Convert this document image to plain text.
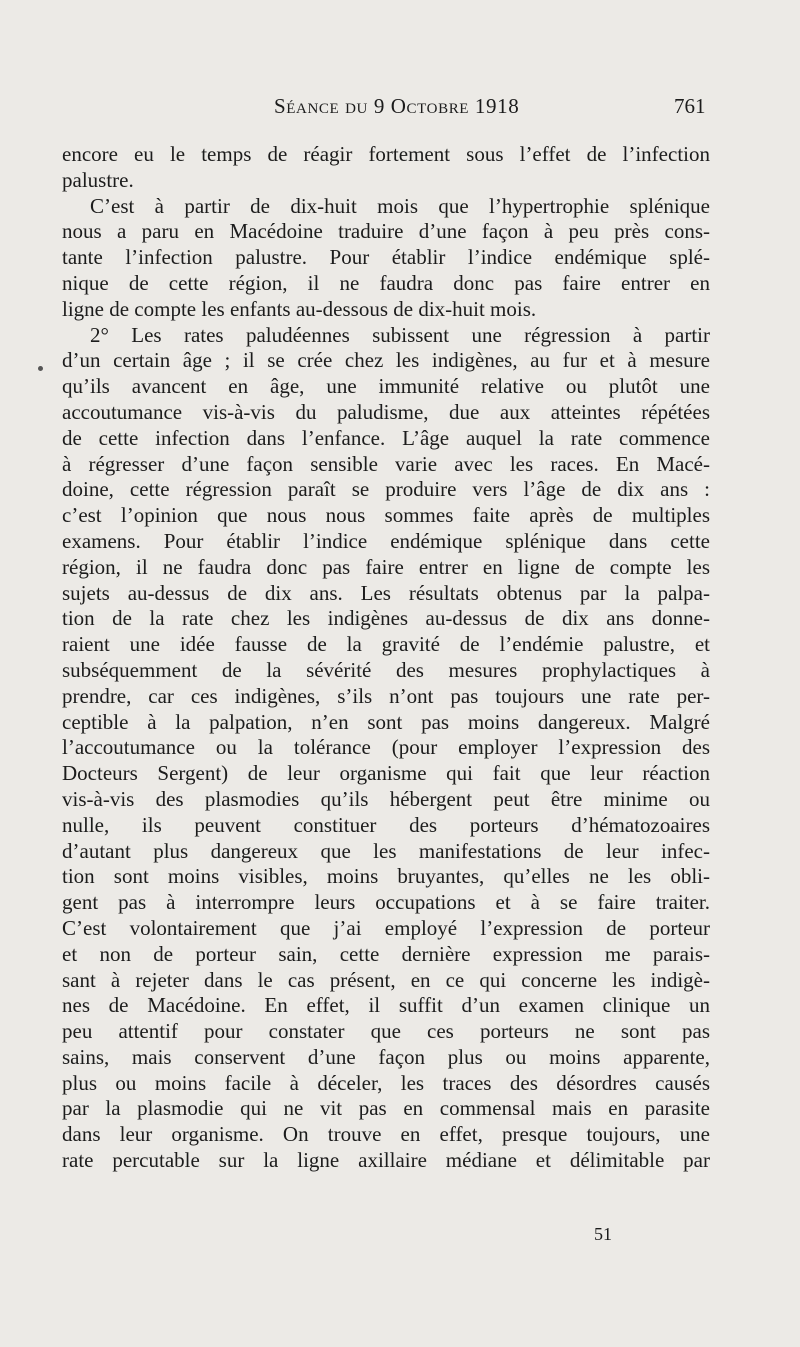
Séance du 9 Octobre 1918	761
encore eu le temps de réagir fortement sous l’effet de l’infection
palustre.
C’est à partir de dix-huit mois que l’hypertrophie splénique
nous a paru en Macédoine traduire d’une façon à peu près cons-
tante l’infection palustre. Pour établir l’indice endémique splé-
nique de cette région, il ne faudra donc pas faire entrer en
ligne de compte les enfants au-dessous de dix-huit mois.
2° Les rates paludéennes subissent une régression à partir
d’un certain âge ; il se crée chez les indigènes, au fur et à mesure
qu’ils avancent en âge, une immunité relative ou plutôt une
accoutumance vis-à-vis du paludisme, due aux atteintes répétées
de cette infection dans l’enfance. L’âge auquel la rate commence
à régresser d’une façon sensible varie avec les races. En Macé-
doine, cette régression paraît se produire vers l’âge de dix ans :
c’est l’opinion que nous nous sommes faite après de multiples
examens. Pour établir l’indice endémique splénique dans cette
région, il ne faudra donc pas faire entrer en ligne de compte les
sujets au-dessus de dix ans. Les résultats obtenus par la palpa-
tion de la rate chez les indigènes au-dessus de dix ans donne-
raient une idée fausse de la gravité de l’endémie palustre, et
subséquemment de la sévérité des mesures prophylactiques à
prendre, car ces indigènes, s’ils n’ont pas toujours une rate per-
ceptible à la palpation, n’en sont pas moins dangereux. Malgré
l’accoutumance ou la tolérance (pour employer l’expression des
Docteurs Sergent) de leur organisme qui fait que leur réaction
vis-à-vis des plasmodies qu’ils hébergent peut être minime ou
nulle, ils peuvent constituer des porteurs d’hématozoaires
d’autant plus dangereux que les manifestations de leur infec-
tion sont moins visibles, moins bruyantes, qu’elles ne les obli-
gent pas à interrompre leurs occupations et à se faire traiter.
C’est volontairement que j’ai employé l’expression de porteur
et non de porteur sain, cette dernière expression me parais-
sant à rejeter dans le cas présent, en ce qui concerne les indigè-
nes de Macédoine. En effet, il suffit d’un examen clinique un
peu attentif pour constater que ces porteurs ne sont pas
sains, mais conservent d’une façon plus ou moins apparente,
plus ou moins facile à déceler, les traces des désordres causés
par la plasmodie qui ne vit pas en commensal mais en parasite
dans leur organisme. On trouve en effet, presque toujours, une
rate percutable sur la ligne axillaire médiane et délimitable par
51
